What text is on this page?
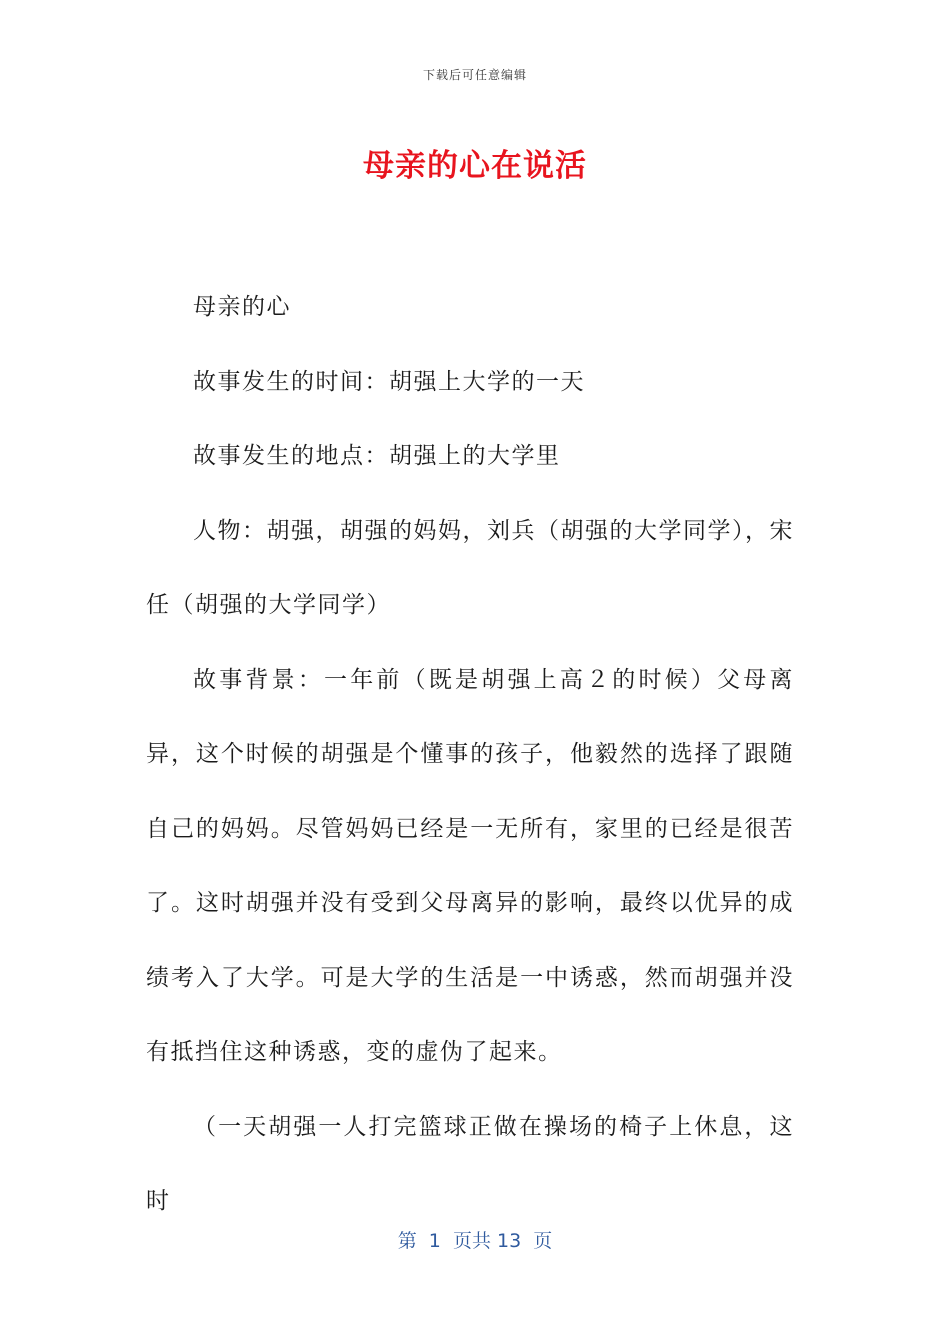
下载后可任意编辑
母亲的心在说活

母亲的心

故事发生的时间：胡强上大学的一天

故事发生的地点：胡强上的大学里

人物：胡强，胡强的妈妈，刘兵（胡强的大学同学），宋任（胡强的大学同学）

故事背景：一年前（既是胡强上高２的时候）父母离异，这个时候的胡强是个懂事的孩子，他毅然的选择了跟随自己的妈妈。尽管妈妈已经是一无所有，家里的已经是很苦了。这时胡强并没有受到父母离异的影响，最终以优异的成绩考入了大学。可是大学的生活是一中诱惑，然而胡强并没有抵挡住这种诱惑，变的虚伪了起来。

（一天胡强一人打完篮球正做在操场的椅子上休息，这时

第  1  页共 13  页
